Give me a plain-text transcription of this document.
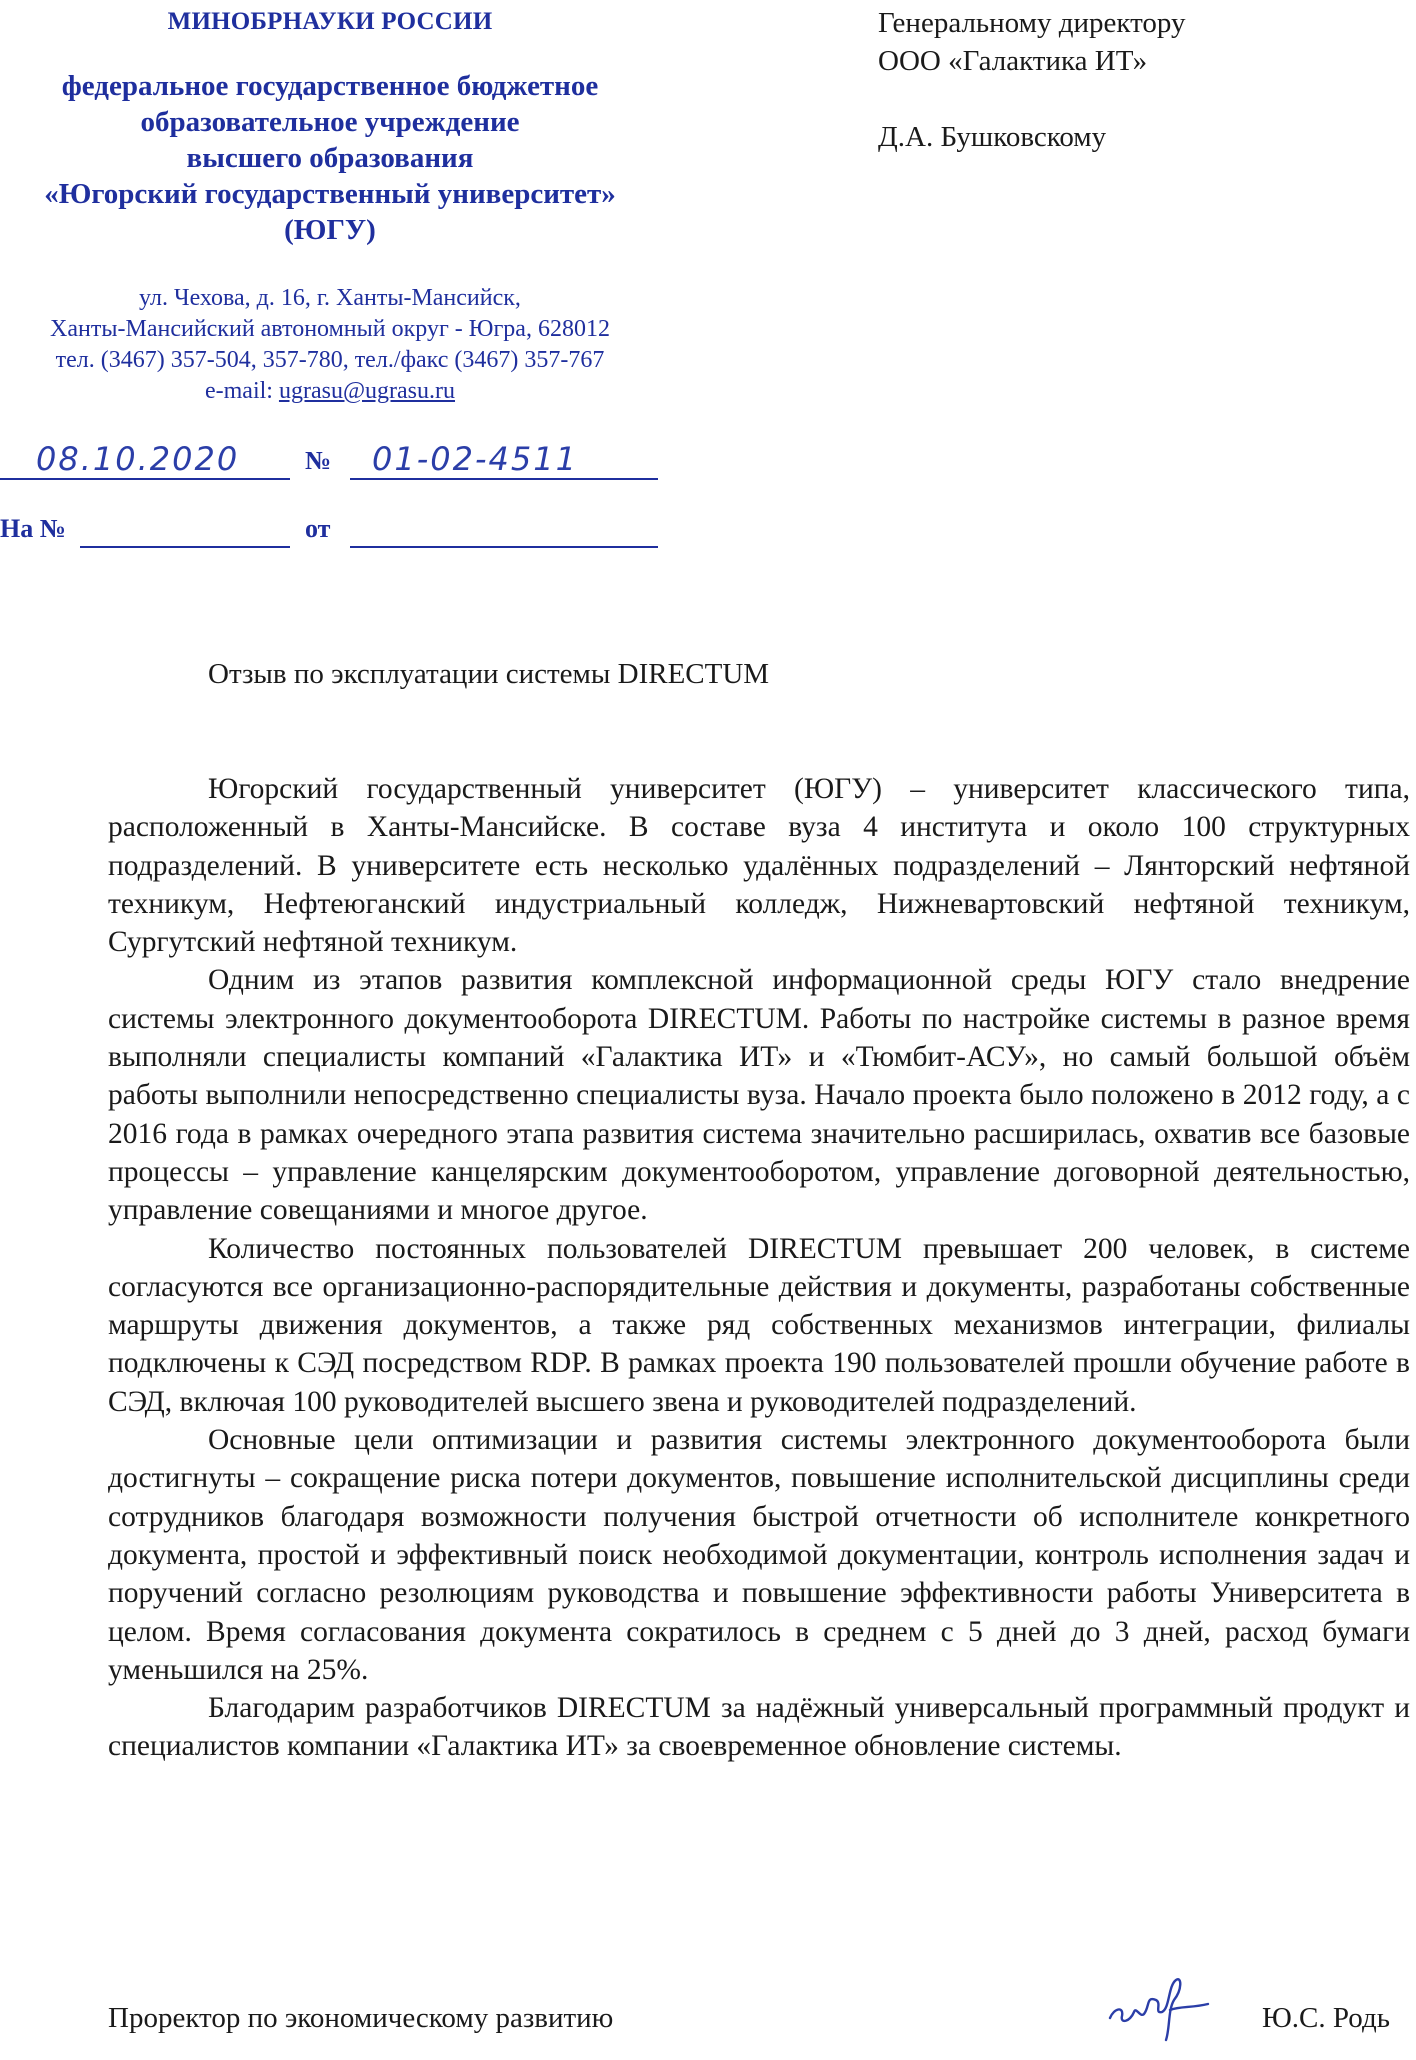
МИНОБРНАУКИ РОССИИ
федеральное государственное бюджетное
образовательное учреждение
высшего образования
«Югорский государственный университет»
(ЮГУ)
ул. Чехова, д. 16, г. Ханты-Мансийск,
Ханты-Мансийский автономный округ - Югра, 628012
тел. (3467) 357-504, 357-780, тел./факс (3467) 357-767
e-mail: ugrasu@ugrasu.ru
08.10.2020	№ 01-02-4511
На №	от
Генеральному директору
ООО «Галактика ИТ»
Д.А. Бушковскому
Отзыв по эксплуатации системы DIRECTUM

Югорский государственный университет (ЮГУ) – университет классического типа, расположенный в Ханты-Мансийске. В составе вуза 4 института и около 100 структурных подразделений. В университете есть несколько удалённых подразделений – Лянторский нефтяной техникум, Нефтеюганский индустриальный колледж, Нижневартовский нефтяной техникум, Сургутский нефтяной техникум.

Одним из этапов развития комплексной информационной среды ЮГУ стало внедрение системы электронного документооборота DIRECTUM. Работы по настройке системы в разное время выполняли специалисты компаний «Галактика ИТ» и «Тюмбит-АСУ», но самый большой объём работы выполнили непосредственно специалисты вуза. Начало проекта было положено в 2012 году, а с 2016 года в рамках очередного этапа развития система значительно расширилась, охватив все базовые процессы – управление канцелярским документооборотом, управление договорной деятельностью, управление совещаниями и многое другое.

Количество постоянных пользователей DIRECTUM превышает 200 человек, в системе согласуются все организационно-распорядительные действия и документы, разработаны собственные маршруты движения документов, а также ряд собственных механизмов интеграции, филиалы подключены к СЭД посредством RDP. В рамках проекта 190 пользователей прошли обучение работе в СЭД, включая 100 руководителей высшего звена и руководителей подразделений.

Основные цели оптимизации и развития системы электронного документооборота были достигнуты – сокращение риска потери документов, повышение исполнительской дисциплины среди сотрудников благодаря возможности получения быстрой отчетности об исполнителе конкретного документа, простой и эффективный поиск необходимой документации, контроль исполнения задач и поручений согласно резолюциям руководства и повышение эффективности работы Университета в целом. Время согласования документа сократилось в среднем с 5 дней до 3 дней, расход бумаги уменьшился на 25%.

Благодарим разработчиков DIRECTUM за надёжный универсальный программный продукт и специалистов компании «Галактика ИТ» за своевременное обновление системы.

Проректор по экономическому развитию	Ю.С. Родь
